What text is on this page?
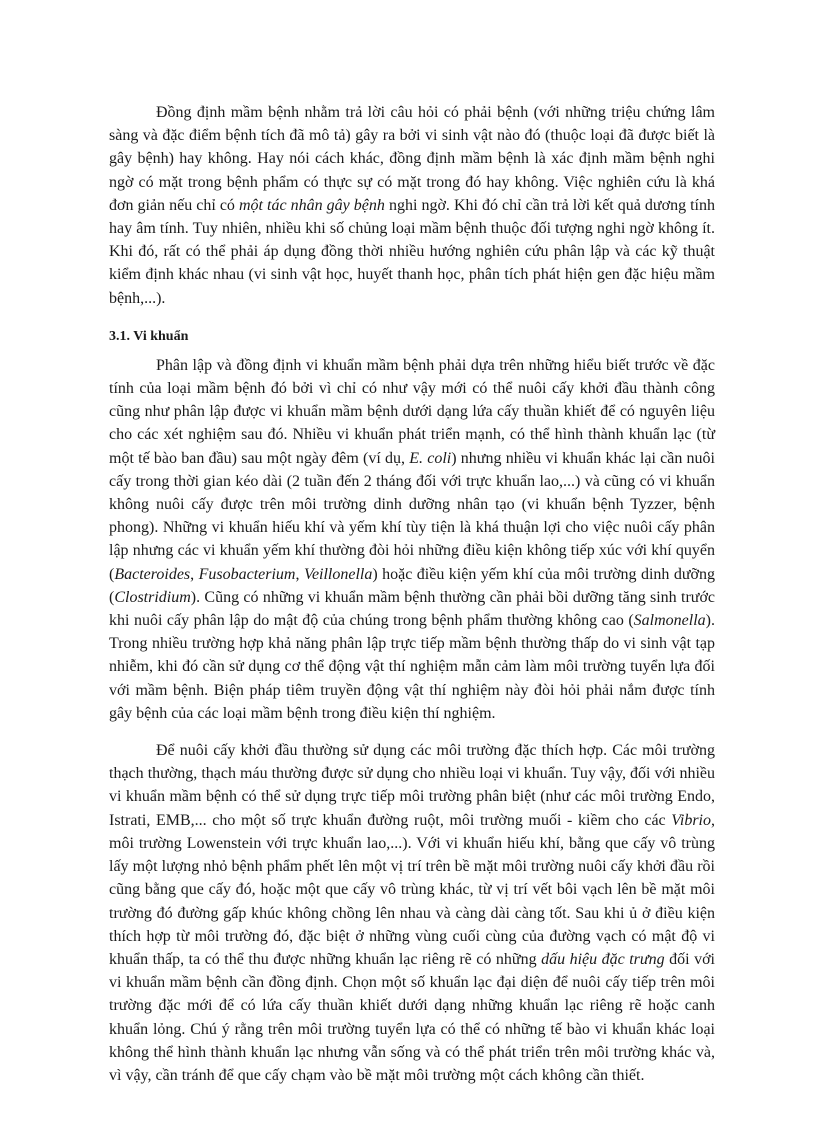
Đồng định mầm bệnh nhằm trả lời câu hỏi có phải bệnh (với những triệu chứng lâm sàng và đặc điểm bệnh tích đã mô tả) gây ra bởi vi sinh vật nào đó (thuộc loại đã được biết là gây bệnh) hay không. Hay nói cách khác, đồng định mầm bệnh là xác định mầm bệnh nghi ngờ có mặt trong bệnh phẩm có thực sự có mặt trong đó hay không. Việc nghiên cứu là khá đơn giản nếu chỉ có một tác nhân gây bệnh nghi ngờ. Khi đó chỉ cần trả lời kết quả dương tính hay âm tính. Tuy nhiên, nhiều khi số chủng loại mầm bệnh thuộc đối tượng nghi ngờ không ít. Khi đó, rất có thể phải áp dụng đồng thời nhiều hướng nghiên cứu phân lập và các kỹ thuật kiểm định khác nhau (vi sinh vật học, huyết thanh học, phân tích phát hiện gen đặc hiệu mầm bệnh,...).

3.1. Vi khuẩn

Phân lập và đồng định vi khuẩn mầm bệnh phải dựa trên những hiểu biết trước về đặc tính của loại mầm bệnh đó bởi vì chỉ có như vậy mới có thể nuôi cấy khởi đầu thành công cũng như phân lập được vi khuẩn mầm bệnh dưới dạng lứa cấy thuần khiết để có nguyên liệu cho các xét nghiệm sau đó. Nhiều vi khuẩn phát triển mạnh, có thể hình thành khuẩn lạc (từ một tế bào ban đầu) sau một ngày đêm (ví dụ, E. coli) nhưng nhiều vi khuẩn khác lại cần nuôi cấy trong thời gian kéo dài (2 tuần đến 2 tháng đối với trực khuẩn lao,...) và cũng có vi khuẩn không nuôi cấy được trên môi trường dinh dưỡng nhân tạo (vi khuẩn bệnh Tyzzer, bệnh phong). Những vi khuẩn hiếu khí và yếm khí tùy tiện là khá thuận lợi cho việc nuôi cấy phân lập nhưng các vi khuẩn yếm khí thường đòi hỏi những điều kiện không tiếp xúc với khí quyển (Bacteroides, Fusobacterium, Veillonella) hoặc điều kiện yếm khí của môi trường dinh dưỡng (Clostridium). Cũng có những vi khuẩn mầm bệnh thường cần phải bồi dưỡng tăng sinh trước khi nuôi cấy phân lập do mật độ của chúng trong bệnh phẩm thường không cao (Salmonella). Trong nhiều trường hợp khả năng phân lập trực tiếp mầm bệnh thường thấp do vi sinh vật tạp nhiễm, khi đó cần sử dụng cơ thể động vật thí nghiệm mẫn cảm làm môi trường tuyển lựa đối với mầm bệnh. Biện pháp tiêm truyền động vật thí nghiệm này đòi hỏi phải nắm được tính gây bệnh của các loại mầm bệnh trong điều kiện thí nghiệm.

Để nuôi cấy khởi đầu thường sử dụng các môi trường đặc thích hợp. Các môi trường thạch thường, thạch máu thường được sử dụng cho nhiều loại vi khuẩn. Tuy vậy, đối với nhiều vi khuẩn mầm bệnh có thể sử dụng trực tiếp môi trường phân biệt (như các môi trường Endo, Istrati, EMB,... cho một số trực khuẩn đường ruột, môi trường muối - kiềm cho các Vibrio, môi trường Lowenstein với trực khuẩn lao,...). Với vi khuẩn hiếu khí, bằng que cấy vô trùng lấy một lượng nhỏ bệnh phẩm phết lên một vị trí trên bề mặt môi trường nuôi cấy khởi đầu rồi cũng bằng que cấy đó, hoặc một que cấy vô trùng khác, từ vị trí vết bôi vạch lên bề mặt môi trường đó đường gấp khúc không chồng lên nhau và càng dài càng tốt. Sau khi ủ ở điều kiện thích hợp từ môi trường đó, đặc biệt ở những vùng cuối cùng của đường vạch có mật độ vi khuẩn thấp, ta có thể thu được những khuẩn lạc riêng rẽ có những dấu hiệu đặc trưng đối với vi khuẩn mầm bệnh cần đồng định. Chọn một số khuẩn lạc đại diện để nuôi cấy tiếp trên môi trường đặc mới để có lứa cấy thuần khiết dưới dạng những khuẩn lạc riêng rẽ hoặc canh khuẩn lỏng. Chú ý rằng trên môi trường tuyển lựa có thể có những tế bào vi khuẩn khác loại không thể hình thành khuẩn lạc nhưng vẫn sống và có thể phát triển trên môi trường khác và, vì vậy, cần tránh để que cấy chạm vào bề mặt môi trường một cách không cần thiết.
